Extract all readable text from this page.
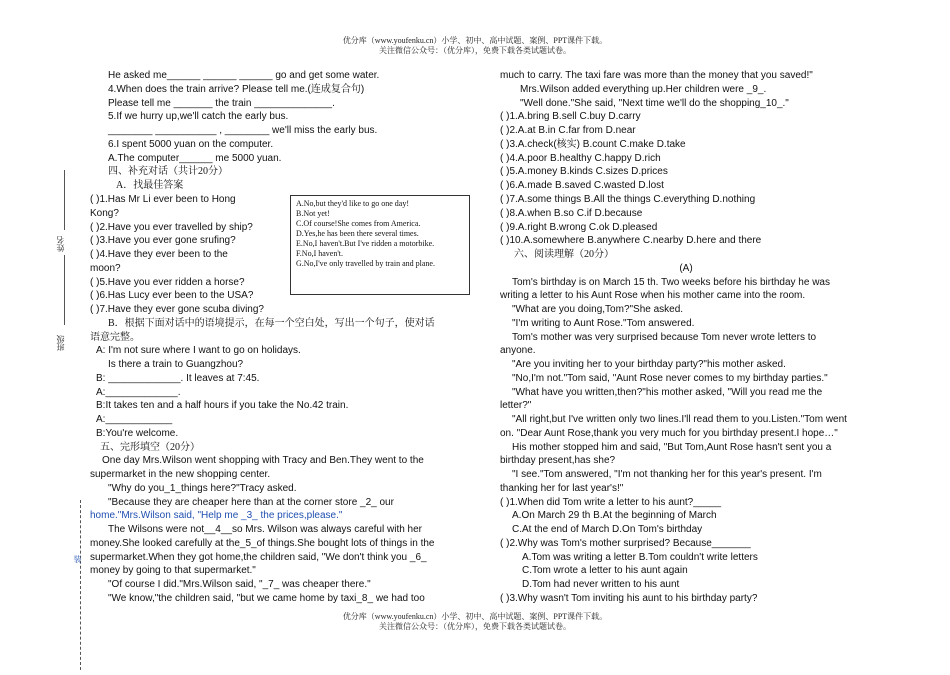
优分库（www.youfenku.cn）小学、初中、高中试题、案例、PPT课件下载。
关注微信公众号：（优分库），免费下载各类试题试卷。
姓名
班级
装
He asked me______ ______ ______ go and get some water.
4.When does the train arrive? Please tell me.(连成复合句)
Please tell me _______ the train ______________.
5.If we hurry up,we'll catch the early bus.
________ ___________ , ________ we'll miss the early bus.
6.I spent 5000 yuan on the computer.
A.The computer______ me 5000 yuan.
四、补充对话（共计20分）
A．找最佳答案
( )1.Has Mr Li ever been to Hong
Kong?
( )2.Have you ever travelled by ship?
( )3.Have you ever gone srufing?
( )4.Have they ever been to the
moon?
( )5.Have you ever ridden a horse?
( )6.Has Lucy ever been to the USA?
( )7.Have they ever gone scuba diving?
B．根据下面对话中的语境提示，在每一个空白处，写出一个句子，使对话
语意完整。
A: I'm not sure where I want to go on holidays.
Is there a train to Guangzhou?
B: _____________. It leaves at 7:45.
A:_____________.
B:It takes ten and a half hours if you take the No.42 train.
A:____________
B:You're welcome.
五、完形填空（20分）
One day Mrs.Wilson went shopping with Tracy and Ben.They went to the
supermarket in the new shopping center.
"Why do you_1_things here?"Tracy asked.
"Because they are cheaper here than at the corner store _2_ our
home."Mrs.Wilson said, "Help me _3_ the prices,please."
The Wilsons were not__4__so Mrs. Wilson was always careful with her
money.She looked carefully at the_5_of things.She bought lots of things in the
supermarket.When they got home,the children said, "We don't think you _6_
money by going to that supermarket."
"Of course I did."Mrs.Wilson said, "_7_ was cheaper there."
"We know,"the children said, "but we came home by taxi_8_ we had too
A.No,but they'd like to go one day!
B.Not yet!
C.Of course!She comes from America.
D.Yes,he has been there several times.
E.No,I haven't.But I've ridden a motorbike.
F.No,I haven't.
G.No,I've only travelled by train and plane.
much to carry. The taxi fare was more than the money that you saved!"
Mrs.Wilson added everything up.Her children were _9_.
"Well done."She said, "Next time we'll do the shopping_10_."
( )1.A.bring B.sell C.buy D.carry
( )2.A.at B.in C.far from D.near
( )3.A.check(核实) B.count C.make D.take
( )4.A.poor B.healthy C.happy D.rich
( )5.A.money B.kinds C.sizes D.prices
( )6.A.made B.saved C.wasted D.lost
( )7.A.some things B.All the things C.everything D.nothing
( )8.A.when B.so C.if D.because
( )9.A.right B.wrong C.ok D.pleased
( )10.A.somewhere B.anywhere C.nearby D.here and there
六、阅读理解（20分）
(A)
Tom's birthday is on March 15 th. Two weeks before his birthday he was
writing a letter to his Aunt Rose when his mother came into the room.
"What are you doing,Tom?"She asked.
"I'm writing to Aunt Rose."Tom answered.
Tom's mother was very surprised because Tom never wrote letters to
anyone.
"Are you inviting her to your birthday party?"his mother asked.
"No,I'm not."Tom said, "Aunt Rose never comes to my birthday parties."
"What have you written,then?"his mother asked, "Will you read me the
letter?"
"All right,but I've written only two lines.I'll read them to you.Listen."Tom went
on. "Dear Aunt Rose,thank you very much for you birthday present.I hope…"
His mother stopped him and said, "But Tom,Aunt Rose hasn't sent you a
birthday present,has she?
"I see."Tom answered, "I'm not thanking her for this year's present. I'm
thanking her for last year's!"
( )1.When did Tom write a letter to his aunt?_____
A.On March 29 th B.At the beginning of March
C.At the end of March D.On Tom's birthday
( )2.Why was Tom's mother surprised? Because_______
A.Tom was writing a letter B.Tom couldn't write letters
C.Tom wrote a letter to his aunt again
D.Tom had never written to his aunt
( )3.Why wasn't Tom inviting his aunt to his birthday party?
优分库（www.youfenku.cn）小学、初中、高中试题、案例、PPT课件下载。
关注微信公众号：（优分库），免费下载各类试题试卷。
